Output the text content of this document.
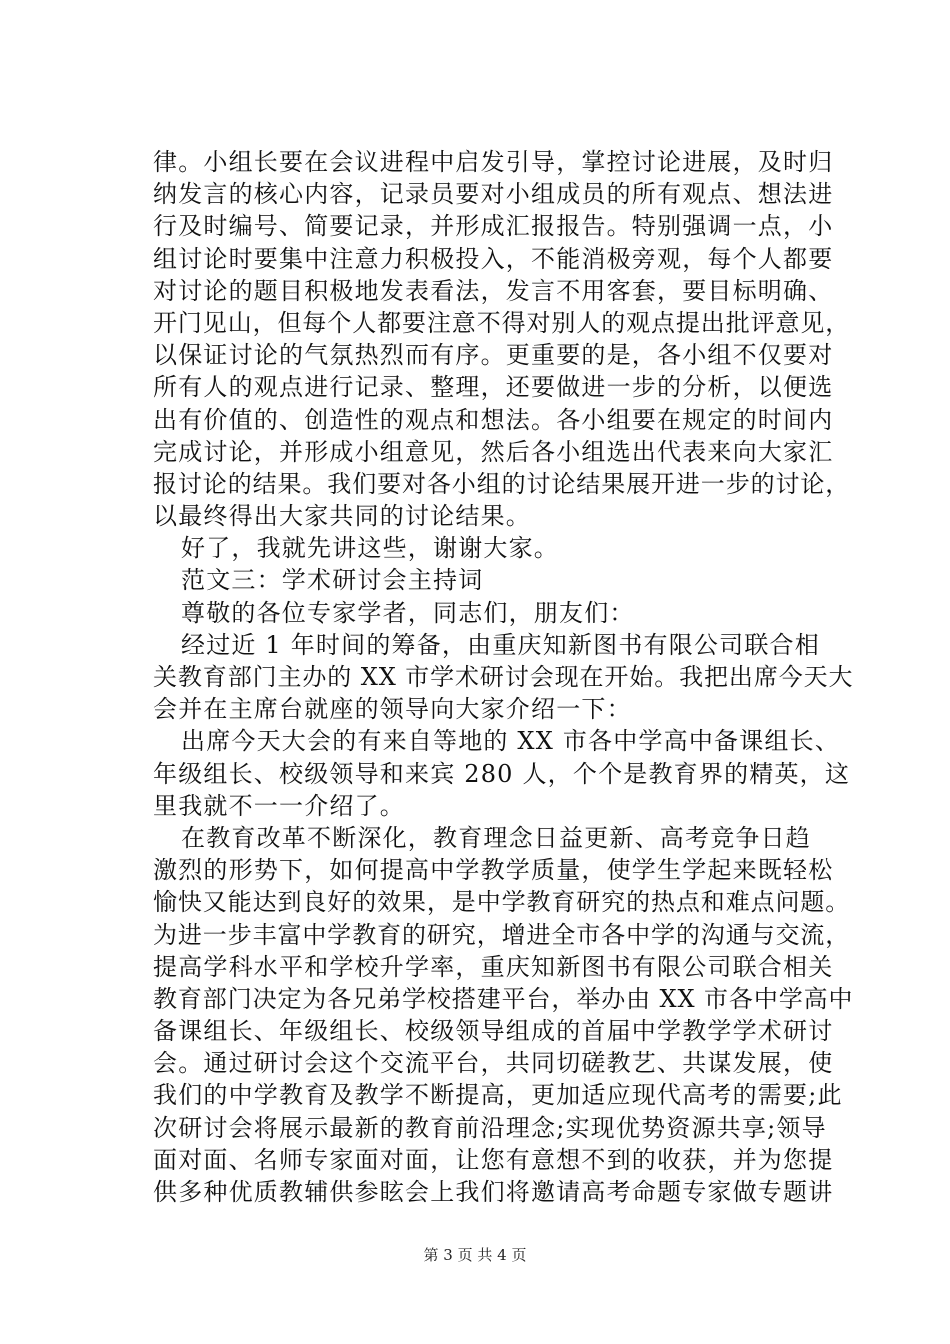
律。小组长要在会议进程中启发引导，掌控讨论进展，及时归
纳发言的核心内容，记录员要对小组成员的所有观点、想法进
行及时编号、简要记录，并形成汇报报告。特别强调一点，小
组讨论时要集中注意力积极投入，不能消极旁观，每个人都要
对讨论的题目积极地发表看法，发言不用客套，要目标明确、
开门见山，但每个人都要注意不得对别人的观点提出批评意见，
以保证讨论的气氛热烈而有序。更重要的是，各小组不仅要对
所有人的观点进行记录、整理，还要做进一步的分析，以便选
出有价值的、创造性的观点和想法。各小组要在规定的时间内
完成讨论，并形成小组意见，然后各小组选出代表来向大家汇
报讨论的结果。我们要对各小组的讨论结果展开进一步的讨论，
以最终得出大家共同的讨论结果。
好了，我就先讲这些，谢谢大家。
范文三：学术研讨会主持词
尊敬的各位专家学者，同志们，朋友们：
经过近 1 年时间的筹备，由重庆知新图书有限公司联合相
关教育部门主办的 XX 市学术研讨会现在开始。我把出席今天大
会并在主席台就座的领导向大家介绍一下：
出席今天大会的有来自等地的 XX 市各中学高中备课组长、
年级组长、校级领导和来宾 280 人，个个是教育界的精英，这
里我就不一一介绍了。
在教育改革不断深化，教育理念日益更新、高考竞争日趋
激烈的形势下，如何提高中学教学质量，使学生学起来既轻松
愉快又能达到良好的效果，是中学教育研究的热点和难点问题。
为进一步丰富中学教育的研究，增进全市各中学的沟通与交流，
提高学科水平和学校升学率，重庆知新图书有限公司联合相关
教育部门决定为各兄弟学校搭建平台，举办由 XX 市各中学高中
备课组长、年级组长、校级领导组成的首届中学教学学术研讨
会。通过研讨会这个交流平台，共同切磋教艺、共谋发展，使
我们的中学教育及教学不断提高，更加适应现代高考的需要;此
次研讨会将展示最新的教育前沿理念;实现优势资源共享;领导
面对面、名师专家面对面，让您有意想不到的收获，并为您提
供多种优质教辅供参眩会上我们将邀请高考命题专家做专题讲
第 3 页 共 4 页
